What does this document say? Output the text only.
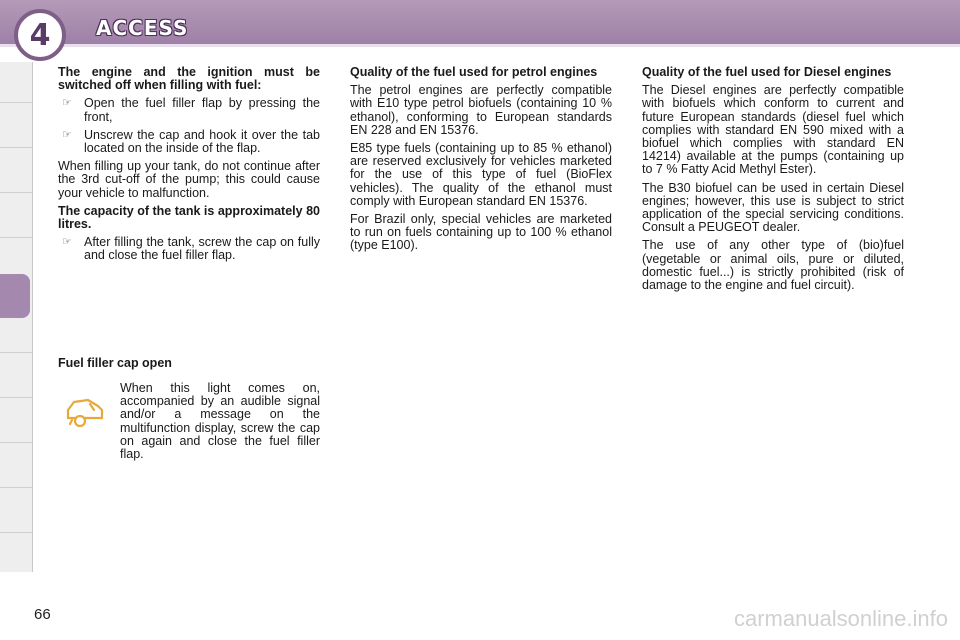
4	ACCESS

The engine and the ignition must be switched off when filling with fuel:

☞ Open the fuel filler flap by pressing the front,
☞ Unscrew the cap and hook it over the tab located on the inside of the flap.

When filling up your tank, do not continue after the 3rd cut-off of the pump; this could cause your vehicle to malfunction.

The capacity of the tank is approximately 80 litres.

☞ After filling the tank, screw the cap on fully and close the fuel filler flap.

Fuel filler cap open

When this light comes on, accompanied by an audible signal and/or a message on the multifunction display, screw the cap on again and close the fuel filler flap.

Quality of the fuel used for petrol engines

The petrol engines are perfectly compatible with E10 type petrol biofuels (containing 10 % ethanol), conforming to European standards EN 228 and EN 15376.

E85 type fuels (containing up to 85 % ethanol) are reserved exclusively for vehicles marketed for the use of this type of fuel (BioFlex vehicles). The quality of the ethanol must comply with European standard EN 15376.

For Brazil only, special vehicles are marketed to run on fuels containing up to 100 % ethanol (type E100).

Quality of the fuel used for Diesel engines

The Diesel engines are perfectly compatible with biofuels which conform to current and future European standards (diesel fuel which complies with standard EN 590 mixed with a biofuel which complies with standard EN 14214) available at the pumps (containing up to 7 % Fatty Acid Methyl Ester).

The B30 biofuel can be used in certain Diesel engines; however, this use is subject to strict application of the special servicing conditions. Consult a PEUGEOT dealer.

The use of any other type of (bio)fuel (vegetable or animal oils, pure or diluted, domestic fuel...) is strictly prohibited (risk of damage to the engine and fuel circuit).

66	carmanualsonline.info
